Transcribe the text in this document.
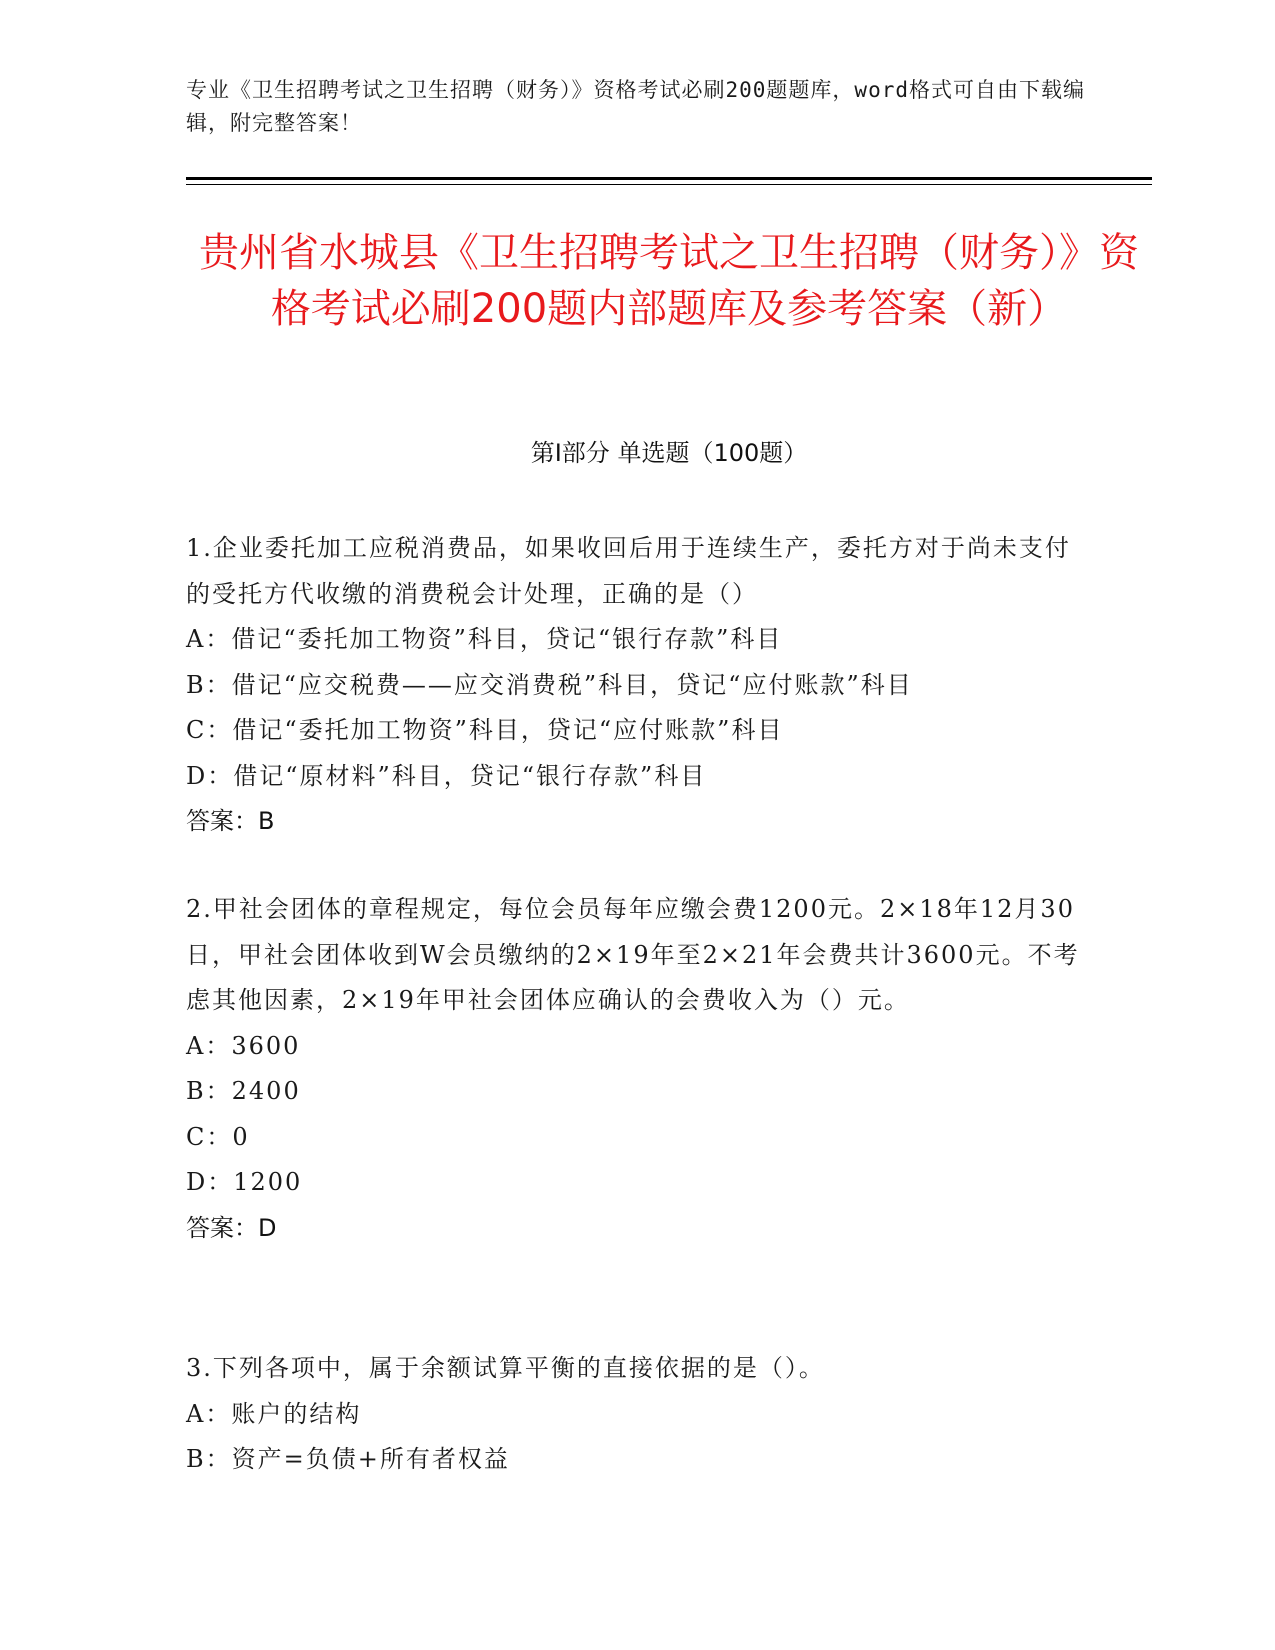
专业《卫生招聘考试之卫生招聘（财务）》资格考试必刷200题题库，word格式可自由下载编辑，附完整答案！
贵州省水城县《卫生招聘考试之卫生招聘（财务）》资格考试必刷200题内部题库及参考答案（新）
第Ⅰ部分 单选题（100题）

1.企业委托加工应税消费品，如果收回后用于连续生产，委托方对于尚未支付的受托方代收缴的消费税会计处理，正确的是（）

A：借记“委托加工物资”科目，贷记“银行存款”科目

B：借记“应交税费——应交消费税”科目，贷记“应付账款”科目

C：借记“委托加工物资”科目，贷记“应付账款”科目

D：借记“原材料”科目，贷记“银行存款”科目

答案：B

2.甲社会团体的章程规定，每位会员每年应缴会费1200元。2×18年12月30日，甲社会团体收到W会员缴纳的2×19年至2×21年会费共计3600元。不考虑其他因素，2×19年甲社会团体应确认的会费收入为（）元。

A：3600

B：2400

C：0

D：1200

答案：D

3.下列各项中，属于余额试算平衡的直接依据的是（）。

A：账户的结构

B：资产=负债+所有者权益
